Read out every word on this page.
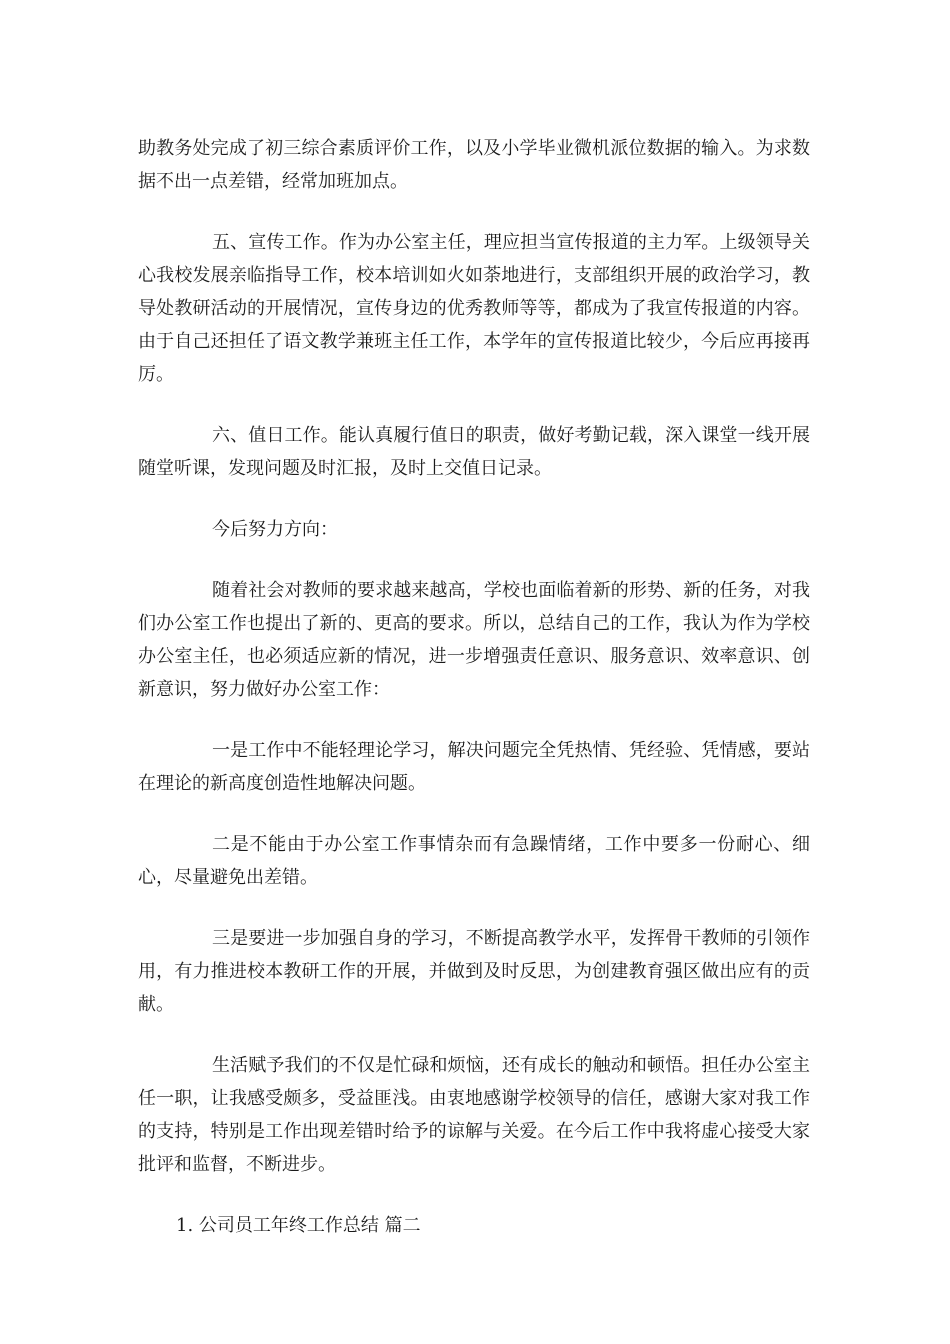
助教务处完成了初三综合素质评价工作，以及小学毕业微机派位数据的输入。为求数据不出一点差错，经常加班加点。

五、宣传工作。作为办公室主任，理应担当宣传报道的主力军。上级领导关心我校发展亲临指导工作，校本培训如火如荼地进行，支部组织开展的政治学习，教导处教研活动的开展情况，宣传身边的优秀教师等等，都成为了我宣传报道的内容。由于自己还担任了语文教学兼班主任工作，本学年的宣传报道比较少，今后应再接再厉。

六、值日工作。能认真履行值日的职责，做好考勤记载，深入课堂一线开展随堂听课，发现问题及时汇报，及时上交值日记录。

今后努力方向：

随着社会对教师的要求越来越高，学校也面临着新的形势、新的任务，对我们办公室工作也提出了新的、更高的要求。所以，总结自己的工作，我认为作为学校办公室主任，也必须适应新的情况，进一步增强责任意识、服务意识、效率意识、创新意识，努力做好办公室工作：

一是工作中不能轻理论学习，解决问题完全凭热情、凭经验、凭情感，要站在理论的新高度创造性地解决问题。

二是不能由于办公室工作事情杂而有急躁情绪，工作中要多一份耐心、细心，尽量避免出差错。

三是要进一步加强自身的学习，不断提高教学水平，发挥骨干教师的引领作用，有力推进校本教研工作的开展，并做到及时反思，为创建教育强区做出应有的贡献。

生活赋予我们的不仅是忙碌和烦恼，还有成长的触动和顿悟。担任办公室主任一职，让我感受颇多，受益匪浅。由衷地感谢学校领导的信任，感谢大家对我工作的支持，特别是工作出现差错时给予的谅解与关爱。在今后工作中我将虚心接受大家批评和监督，不断进步。

1. 公司员工年终工作总结 篇二
